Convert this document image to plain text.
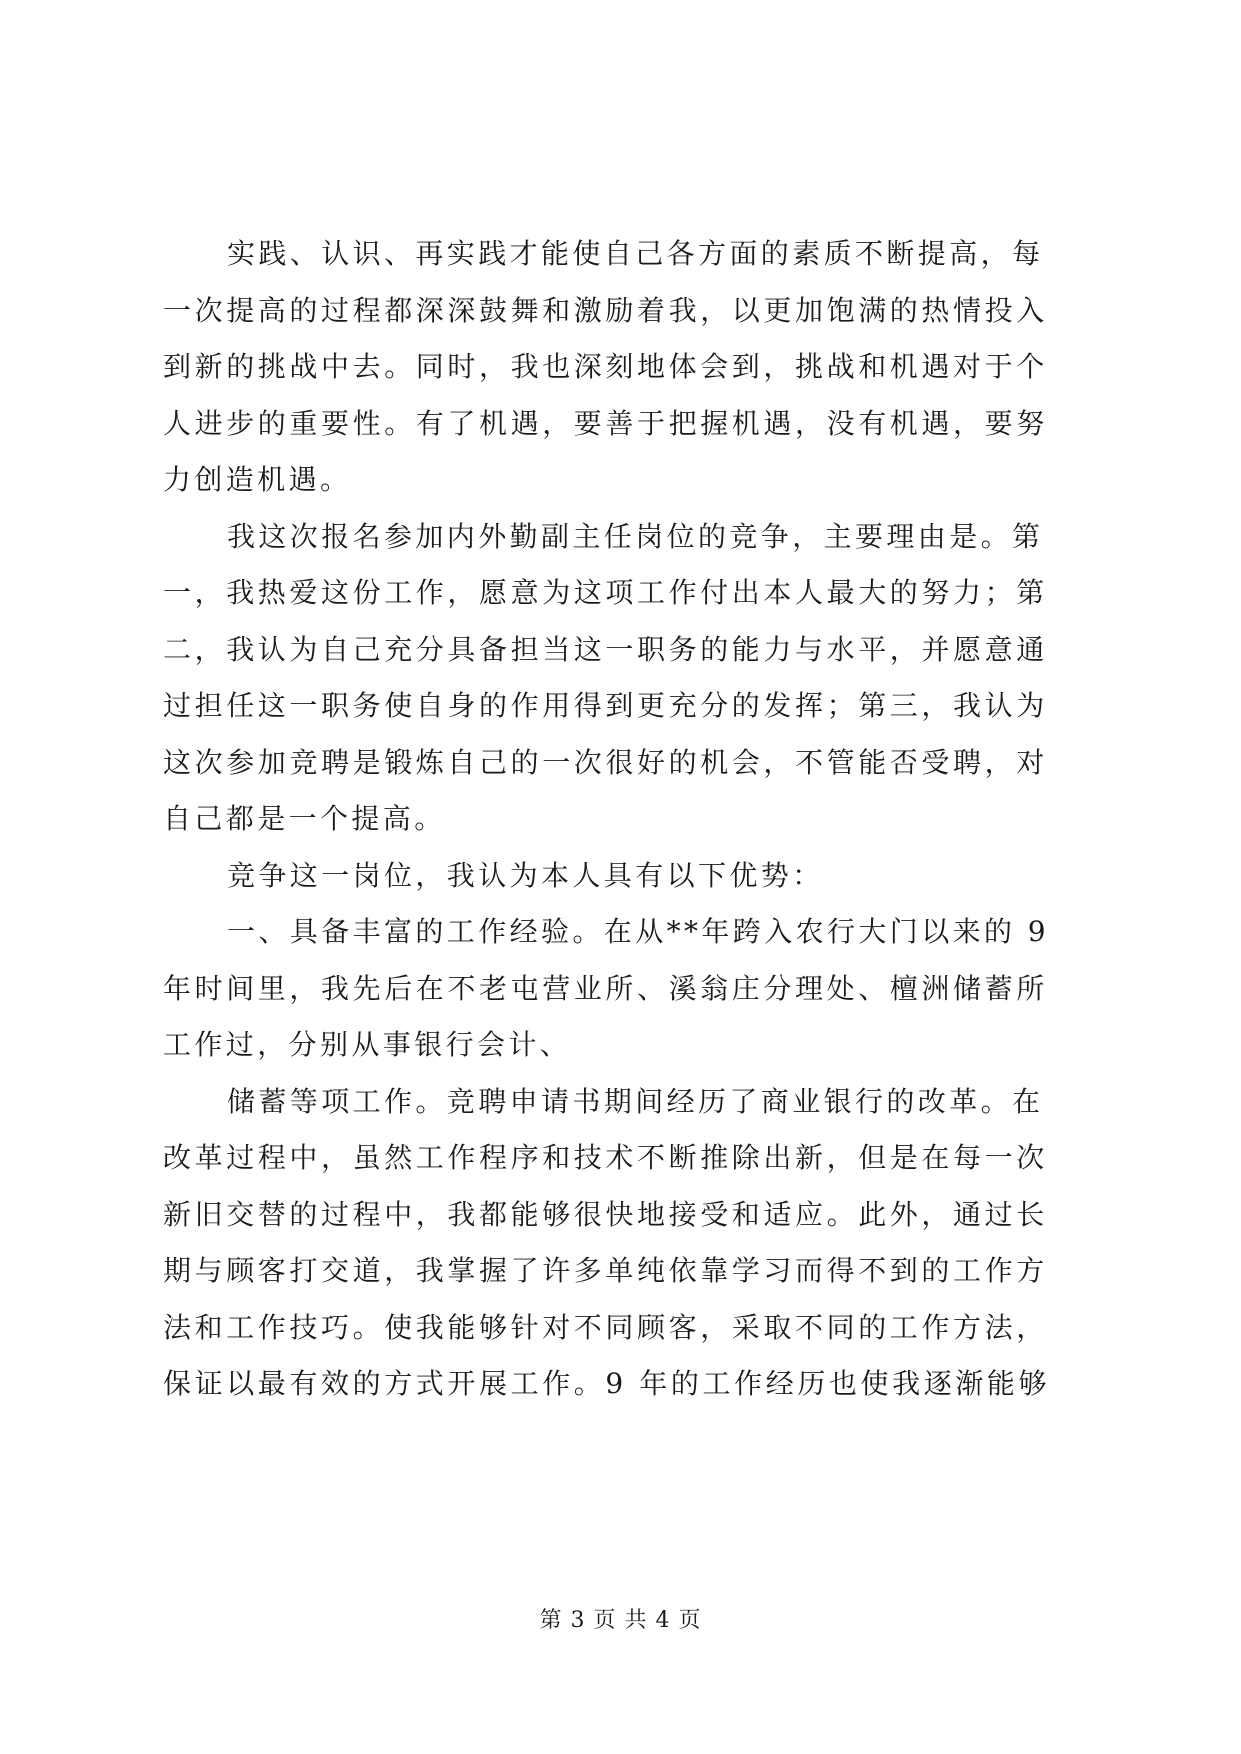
实践、认识、再实践才能使自己各方面的素质不断提高，每
一次提高的过程都深深鼓舞和激励着我，以更加饱满的热情投入
到新的挑战中去。同时，我也深刻地体会到，挑战和机遇对于个
人进步的重要性。有了机遇，要善于把握机遇，没有机遇，要努
力创造机遇。
我这次报名参加内外勤副主任岗位的竞争，主要理由是。第
一，我热爱这份工作，愿意为这项工作付出本人最大的努力；第
二，我认为自己充分具备担当这一职务的能力与水平，并愿意通
过担任这一职务使自身的作用得到更充分的发挥；第三，我认为
这次参加竞聘是锻炼自己的一次很好的机会，不管能否受聘，对
自己都是一个提高。
竞争这一岗位，我认为本人具有以下优势：
一、具备丰富的工作经验。在从**年跨入农行大门以来的 9
年时间里，我先后在不老屯营业所、溪翁庄分理处、檀洲储蓄所
工作过，分别从事银行会计、
储蓄等项工作。竞聘申请书期间经历了商业银行的改革。在
改革过程中，虽然工作程序和技术不断推除出新，但是在每一次
新旧交替的过程中，我都能够很快地接受和适应。此外，通过长
期与顾客打交道，我掌握了许多单纯依靠学习而得不到的工作方
法和工作技巧。使我能够针对不同顾客，采取不同的工作方法，
保证以最有效的方式开展工作。9 年的工作经历也使我逐渐能够
第 3 页 共 4 页
